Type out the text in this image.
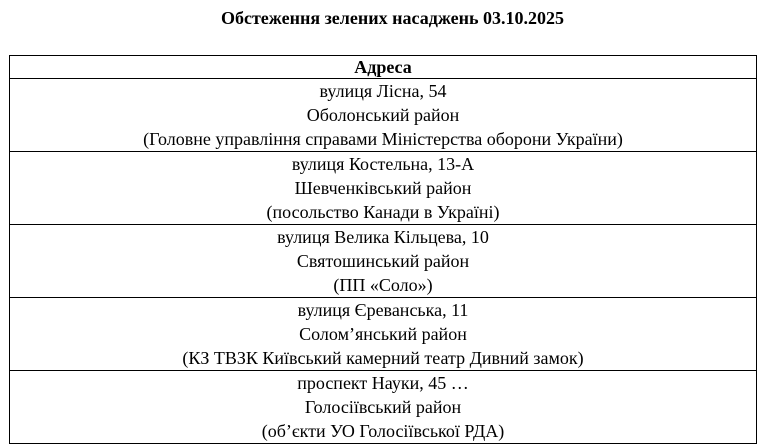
Обстеження зелених насаджень 03.10.2025
Адреса

вулиця Лісна, 54
Оболонський район
(Головне управління справами Міністерства оборони України)

вулиця Костельна, 13-А
Шевченківський район
(посольство Канади в Україні)

вулиця Велика Кільцева, 10
Святошинський район
(ПП «Соло»)

вулиця Єреванська, 11
Солом’янський район
(КЗ ТВЗК Київський камерний театр Дивний замок)

проспект Науки, 45 …
Голосіївський район
(об’єкти УО Голосіївської РДА)
